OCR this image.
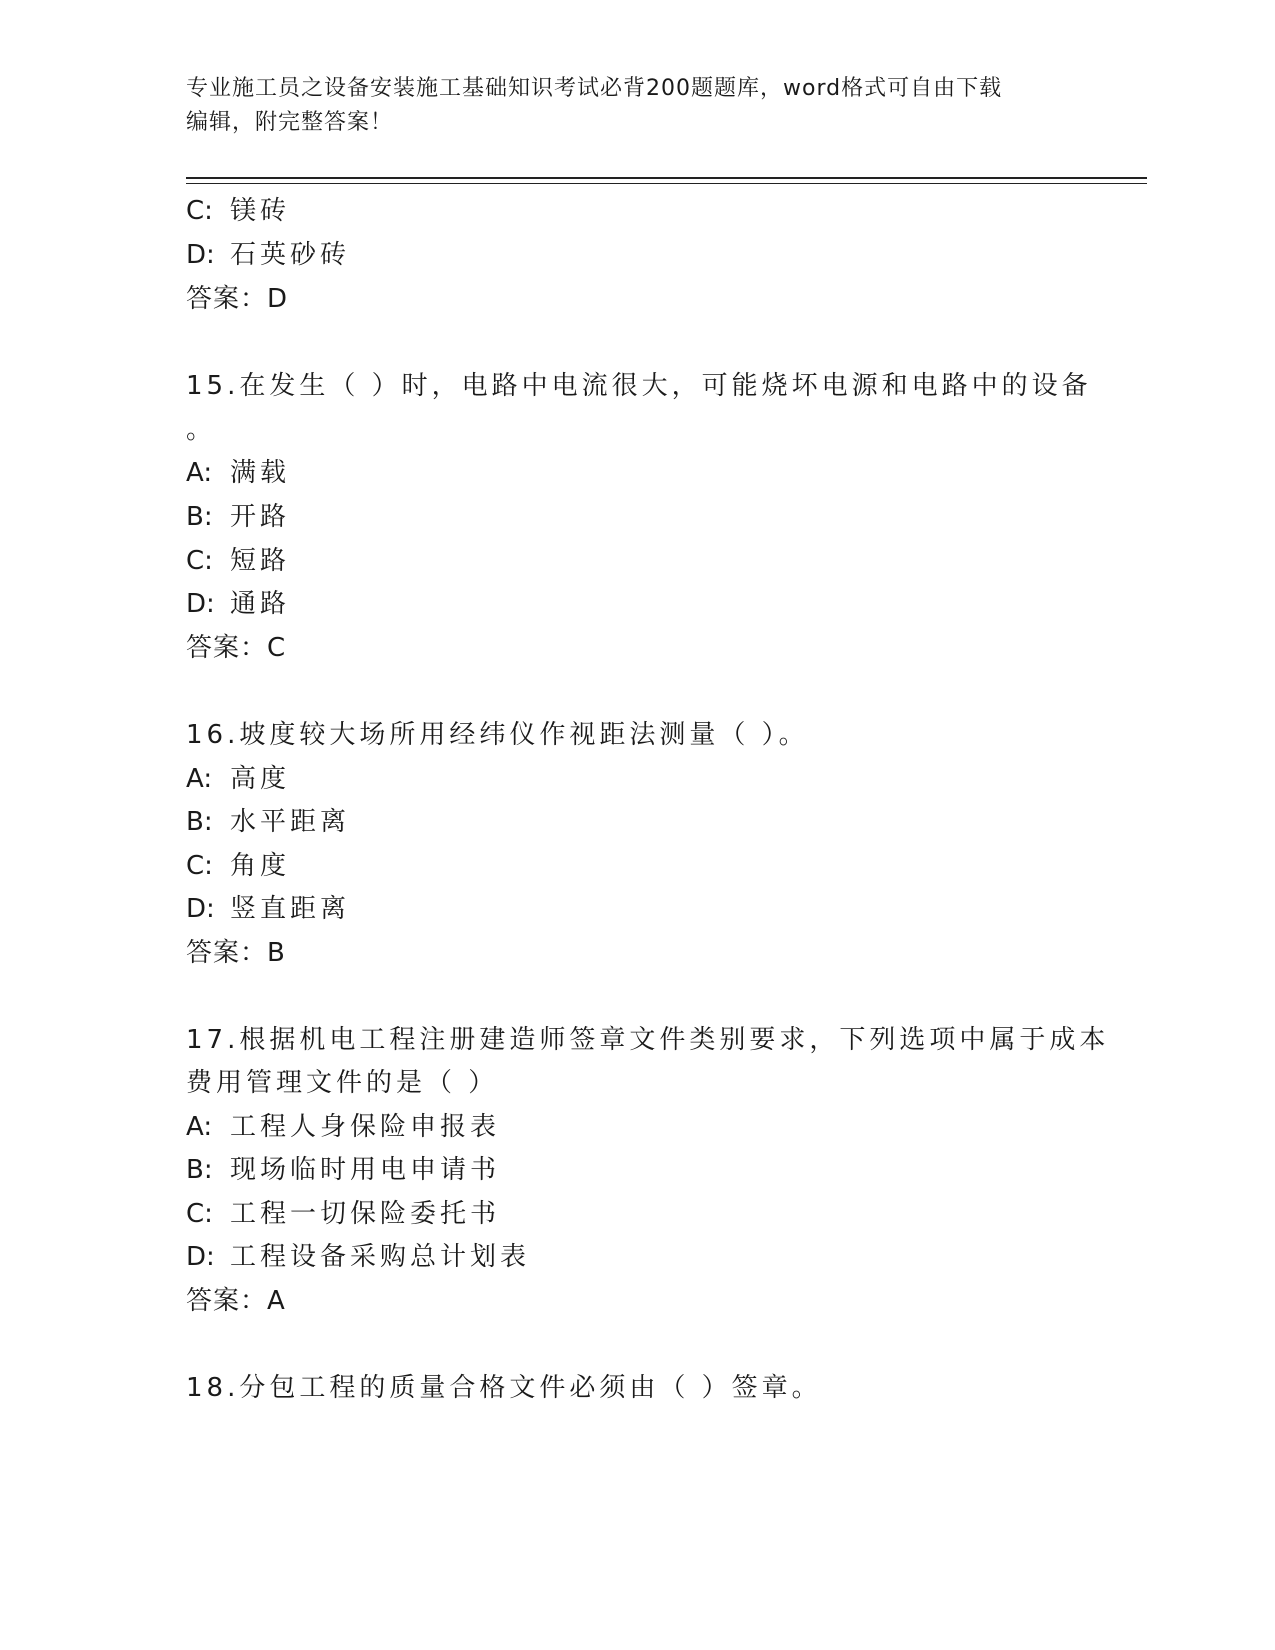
专业施工员之设备安装施工基础知识考试必背200题题库，word格式可自由下载
编辑，附完整答案！
C: 镁砖
D: 石英砂砖
答案：D
15.在发生（ ）时，电路中电流很大，可能烧坏电源和电路中的设备
。
A: 满载
B: 开路
C: 短路
D: 通路
答案：C
16.坡度较大场所用经纬仪作视距法测量（ ）。
A: 高度
B: 水平距离
C: 角度
D: 竖直距离
答案：B
17.根据机电工程注册建造师签章文件类别要求，下列选项中属于成本
费用管理文件的是（ ）
A: 工程人身保险申报表
B: 现场临时用电申请书
C: 工程一切保险委托书
D: 工程设备采购总计划表
答案：A
18.分包工程的质量合格文件必须由（ ）签章。
